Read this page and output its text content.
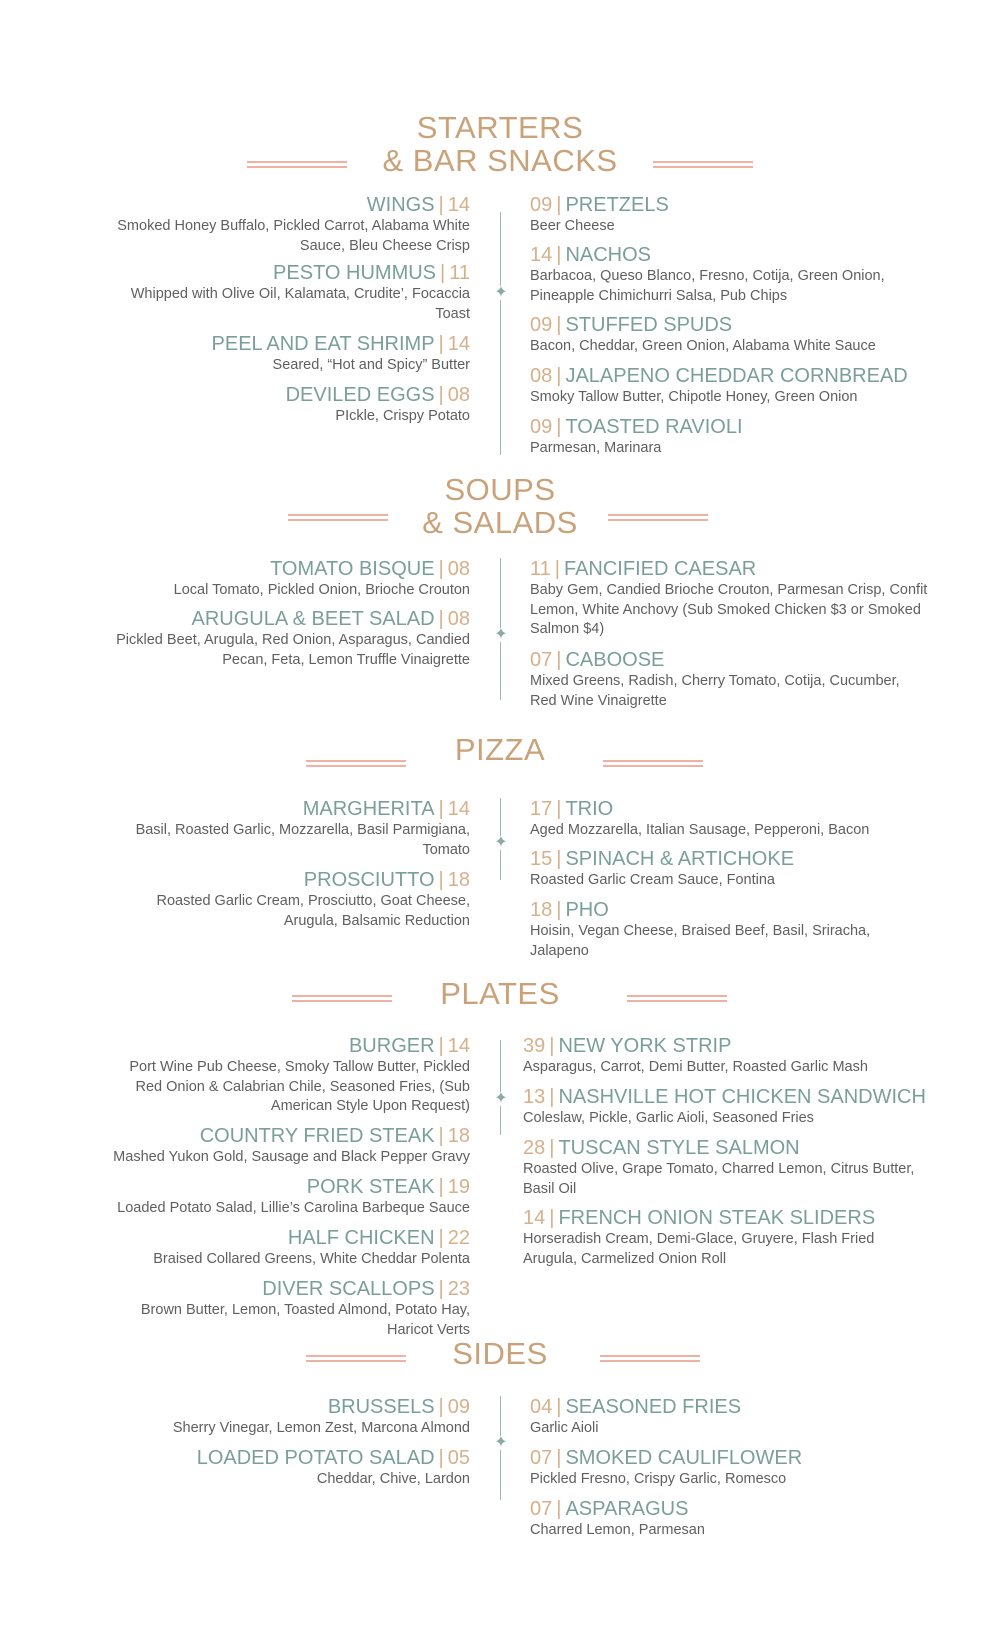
STARTERS
& BAR SNACKS
WINGS | 14
Smoked Honey Buffalo, Pickled Carrot, Alabama White Sauce, Bleu Cheese Crisp
PESTO HUMMUS | 11
Whipped with Olive Oil, Kalamata, Crudite’, Focaccia Toast
PEEL AND EAT SHRIMP | 14
Seared, “Hot and Spicy” Butter
DEVILED EGGS | 08
PIckle, Crispy Potato
09 | PRETZELS
Beer Cheese
14 | NACHOS
Barbacoa, Queso Blanco, Fresno, Cotija, Green Onion, Pineapple Chimichurri Salsa, Pub Chips
09 | STUFFED SPUDS
Bacon, Cheddar, Green Onion, Alabama White Sauce
08 | JALAPENO CHEDDAR CORNBREAD
Smoky Tallow Butter, Chipotle Honey, Green Onion
09 | TOASTED RAVIOLI
Parmesan, Marinara
✦
SOUPS
& SALADS
TOMATO BISQUE | 08
Local Tomato, Pickled Onion, Brioche Crouton
ARUGULA & BEET SALAD | 08
Pickled Beet, Arugula, Red Onion, Asparagus, Candied Pecan, Feta, Lemon Truffle Vinaigrette
11 | FANCIFIED CAESAR
Baby Gem, Candied Brioche Crouton, Parmesan Crisp, Confit Lemon, White Anchovy (Sub Smoked Chicken $3 or Smoked Salmon $4)
07 | CABOOSE
Mixed Greens, Radish, Cherry Tomato, Cotija, Cucumber, Red Wine Vinaigrette
✦
PIZZA
MARGHERITA | 14
Basil, Roasted Garlic, Mozzarella, Basil Parmigiana, Tomato
PROSCIUTTO | 18
Roasted Garlic Cream, Prosciutto, Goat Cheese, Arugula, Balsamic Reduction
17 | TRIO
Aged Mozzarella, Italian Sausage, Pepperoni, Bacon
15 | SPINACH & ARTICHOKE
Roasted Garlic Cream Sauce, Fontina
18 | PHO
Hoisin, Vegan Cheese, Braised Beef, Basil, Sriracha, Jalapeno
✦
PLATES
BURGER | 14
Port Wine Pub Cheese, Smoky Tallow Butter, Pickled Red Onion & Calabrian Chile, Seasoned Fries, (Sub American Style Upon Request)
COUNTRY FRIED STEAK | 18
Mashed Yukon Gold, Sausage and Black Pepper Gravy
PORK STEAK | 19
Loaded Potato Salad, Lillie’s Carolina Barbeque Sauce
HALF CHICKEN | 22
Braised Collared Greens, White Cheddar Polenta
DIVER SCALLOPS | 23
Brown Butter, Lemon, Toasted Almond, Potato Hay, Haricot Verts
39 | NEW YORK STRIP
Asparagus, Carrot, Demi Butter, Roasted Garlic Mash
13 | NASHVILLE HOT CHICKEN SANDWICH
Coleslaw, Pickle, Garlic Aioli, Seasoned Fries
28 | TUSCAN STYLE SALMON
Roasted Olive, Grape Tomato, Charred Lemon, Citrus Butter, Basil Oil
14 | FRENCH ONION STEAK SLIDERS
Horseradish Cream, Demi-Glace, Gruyere, Flash Fried Arugula, Carmelized Onion Roll
✦
SIDES
BRUSSELS | 09
Sherry Vinegar, Lemon Zest, Marcona Almond
LOADED POTATO SALAD | 05
Cheddar, Chive, Lardon
04 | SEASONED FRIES
Garlic Aioli
07 | SMOKED CAULIFLOWER
Pickled Fresno, Crispy Garlic, Romesco
07 | ASPARAGUS
Charred Lemon, Parmesan
✦
